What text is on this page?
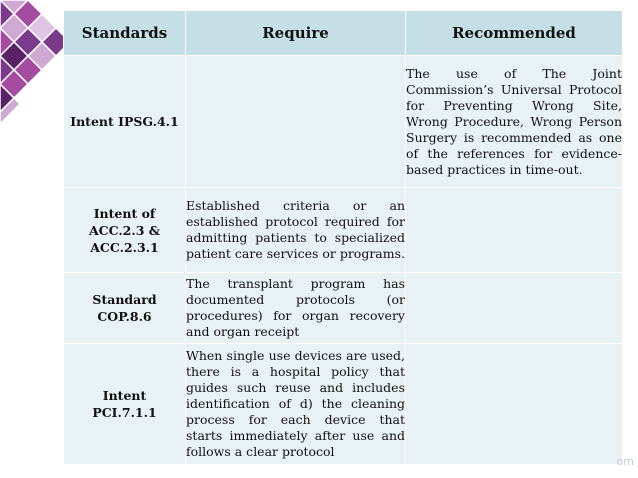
Standards	Require	Recommended
Intent IPSG.4.1		The use of The Joint Commission’s Universal Protocol for Preventing Wrong Site, Wrong Procedure, Wrong Person Surgery is recommended as one of the references for evidence-based practices in time-out.
Intent of
ACC.2.3 &
ACC.2.3.1	Established criteria or an established protocol required for admitting patients to specialized patient care services or programs.	
Standard
COP.8.6	The transplant program has documented protocols (or procedures) for organ recovery and organ receipt	
Intent
PCI.7.1.1	When single use devices are used, there is a hospital policy that guides such reuse and includes identification of d) the cleaning process for each device that starts immediately after use and follows a clear protocol	
om
